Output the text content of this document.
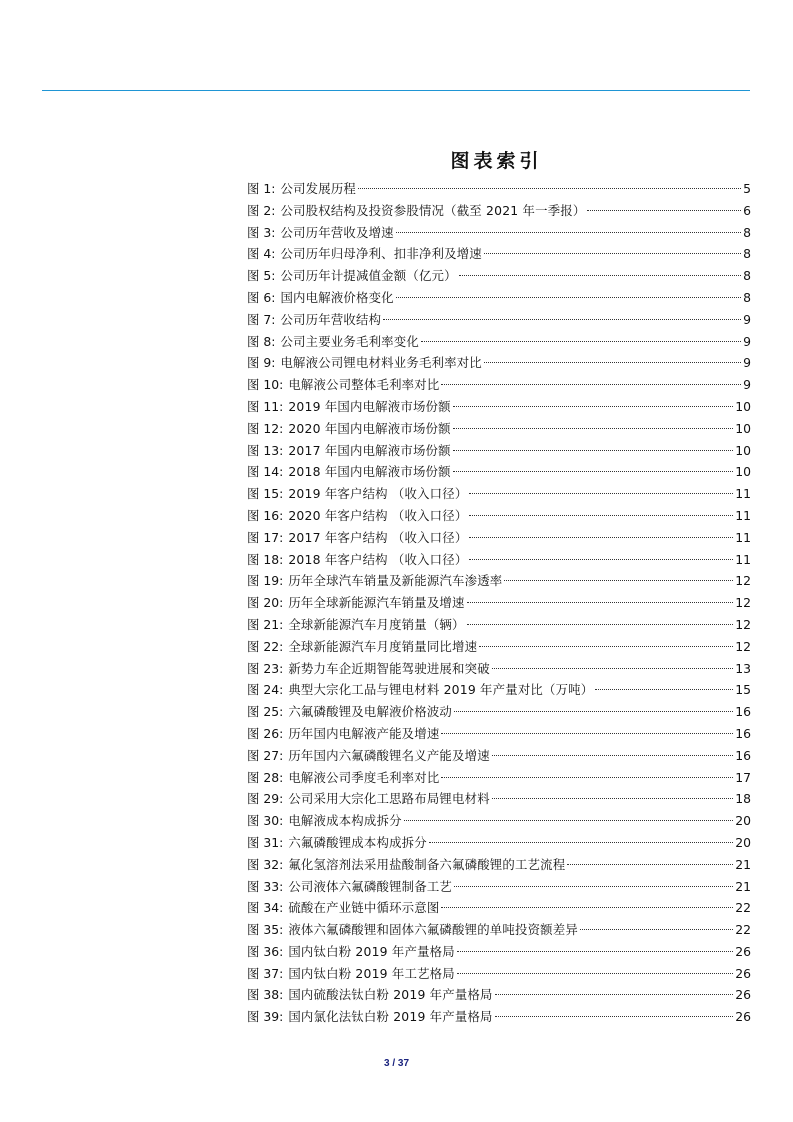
图表索引
图 1: 公司发展历程	5
图 2: 公司股权结构及投资参股情况（截至 2021 年一季报）	6
图 3: 公司历年营收及增速	8
图 4: 公司历年归母净利、扣非净利及增速	8
图 5: 公司历年计提减值金额（亿元）	8
图 6: 国内电解液价格变化	8
图 7: 公司历年营收结构	9
图 8: 公司主要业务毛利率变化	9
图 9: 电解液公司锂电材料业务毛利率对比	9
图 10: 电解液公司整体毛利率对比	9
图 11: 2019 年国内电解液市场份额	10
图 12: 2020 年国内电解液市场份额	10
图 13: 2017 年国内电解液市场份额	10
图 14: 2018 年国内电解液市场份额	10
图 15: 2019 年客户结构 （收入口径）	11
图 16: 2020 年客户结构 （收入口径）	11
图 17: 2017 年客户结构 （收入口径）	11
图 18: 2018 年客户结构 （收入口径）	11
图 19: 历年全球汽车销量及新能源汽车渗透率	12
图 20: 历年全球新能源汽车销量及增速	12
图 21: 全球新能源汽车月度销量（辆）	12
图 22: 全球新能源汽车月度销量同比增速	12
图 23: 新势力车企近期智能驾驶进展和突破	13
图 24: 典型大宗化工品与锂电材料 2019 年产量对比（万吨）	15
图 25: 六氟磷酸锂及电解液价格波动	16
图 26: 历年国内电解液产能及增速	16
图 27: 历年国内六氟磷酸锂名义产能及增速	16
图 28: 电解液公司季度毛利率对比	17
图 29: 公司采用大宗化工思路布局锂电材料	18
图 30: 电解液成本构成拆分	20
图 31: 六氟磷酸锂成本构成拆分	20
图 32: 氟化氢溶剂法采用盐酸制备六氟磷酸锂的工艺流程	21
图 33: 公司液体六氟磷酸锂制备工艺	21
图 34: 硫酸在产业链中循环示意图	22
图 35: 液体六氟磷酸锂和固体六氟磷酸锂的单吨投资额差异	22
图 36: 国内钛白粉 2019 年产量格局	26
图 37: 国内钛白粉 2019 年工艺格局	26
图 38: 国内硫酸法钛白粉 2019 年产量格局	26
图 39: 国内氯化法钛白粉 2019 年产量格局	26
3 / 37
